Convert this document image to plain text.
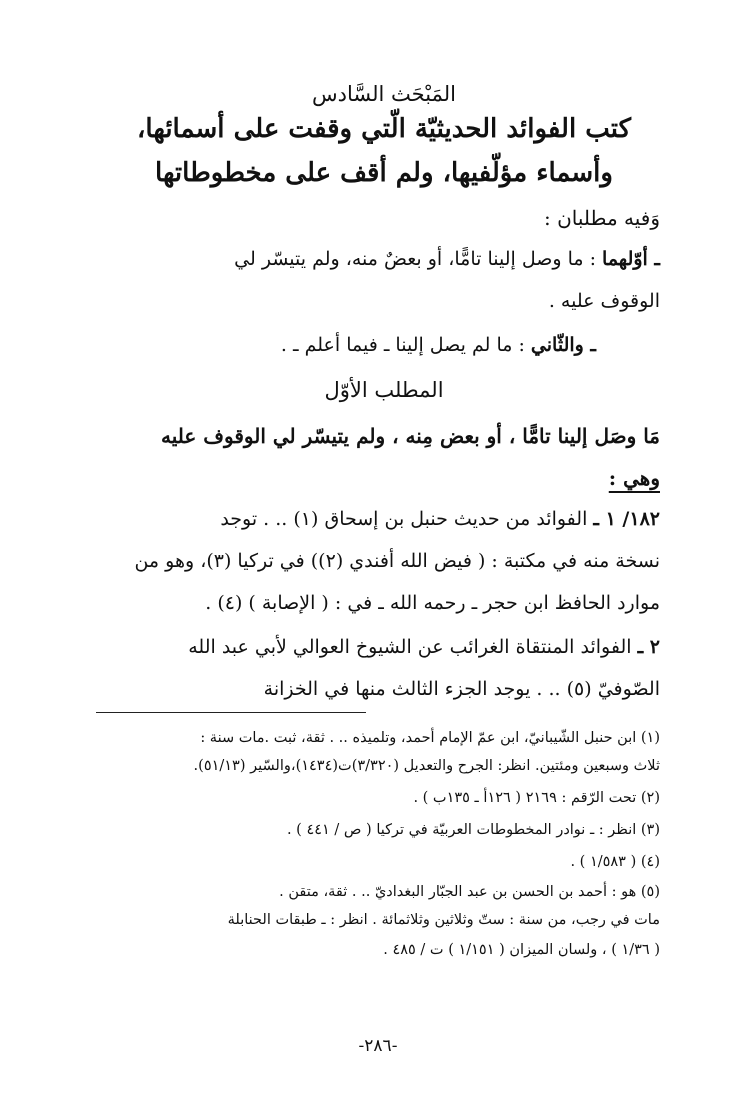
المَبْحَث السَّادس
كتب الفوائد الحديثيّة الّتي وقفت على أسمائها،
وأسماء مؤلّفيها، ولم أقف على مخطوطاتها
وَفيه مطلبان :
ـ أوّلهما : ما وصل إلينا تامًّا، أو بعضٌ منه، ولم يتيسّر لي
الوقوف عليه .
ـ والثّاني : ما لم يصل إلينا ـ فيما أعلم ـ .
المطلب الأوّل
مَا وصَل إلينا تامًّا ، أو بعض مِنه ، ولم يتيسّر لي الوقوف عليه
وهي :
١٨٢/ ١ ـ الفوائد من حديث حنبل بن إسحاق (١) .. . توجد
نسخة منه في مكتبة : ( فيض الله أفندي (٢)) في تركيا (٣)، وهو من
موارد الحافظ ابن حجر ـ رحمه الله ـ في : ( الإصابة ) (٤) .
٢ ـ الفوائد المنتقاة الغرائب عن الشيوخ العوالي لأبي عبد الله
الصّوفيّ (٥) .. . يوجد الجزء الثالث منها في الخزانة
(١) ابن حنبل الشّيبانيّ، ابن عمّ الإمام أحمد، وتلميذه .. . ثقة، ثبت .مات سنة :
ثلاث وسبعين ومئتين. انظر: الجرح والتعديل (٣/٣٢٠)ت(١٤٣٤)،والسّير (٥١/١٣).
(٢) تحت الرّقم : ٢١٦٩ ( ١٢٦أ ـ ١٣٥ب ) .
(٣) انظر : ـ نوادر المخطوطات العربيّة في تركيا ( ص / ٤٤١ ) .
(٤) ( ١/٥٨٣ ) .
(٥) هو : أحمد بن الحسن بن عبد الجبّار البغداديّ .. . ثقة، متقن .
مات في رجب، من سنة : ستّ وثلاثين وثلاثمائة . انظر : ـ طبقات الحنابلة
( ١/٣٦ ) ، ولسان الميزان ( ١/١٥١ ) ت / ٤٨٥ .
-٢٨٦-
